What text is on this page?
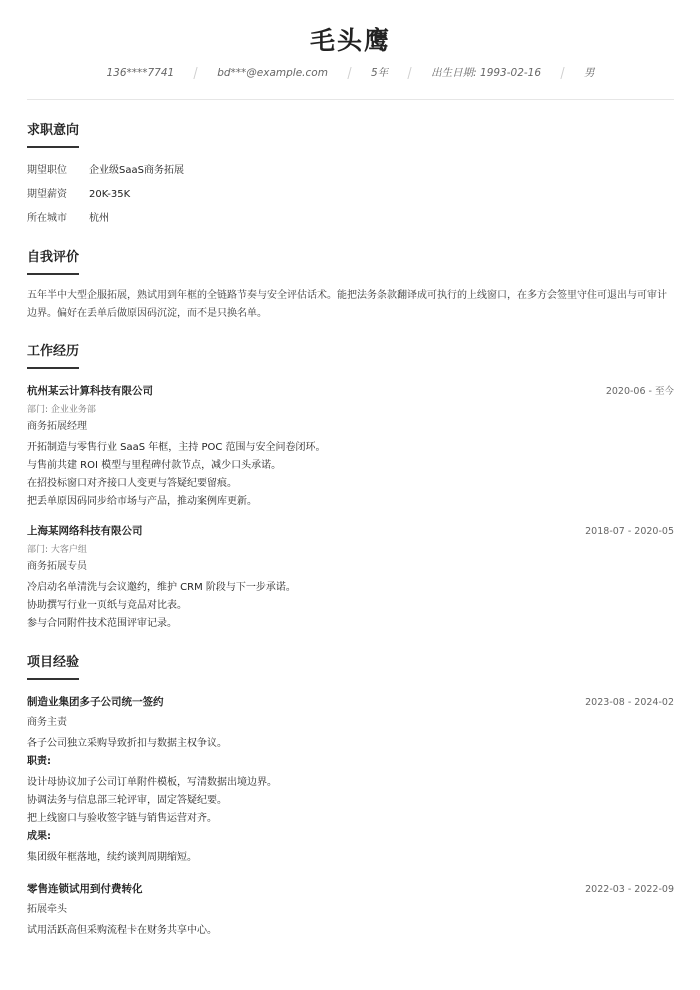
毛头鹰
136****7741	bd***@example.com	5年	出生日期: 1993-02-16	男
求职意向
期望职位	企业级SaaS商务拓展
期望薪资	20K-35K
所在城市	杭州
自我评价
五年半中大型企服拓展，熟试用到年框的全链路节奏与安全评估话术。能把法务条款翻译成可执行的上线窗口，在多方会签里守住可退出与可审计边界。偏好在丢单后做原因码沉淀，而不是只换名单。
工作经历
杭州某云计算科技有限公司	2020-06 - 至今
部门: 企业业务部
商务拓展经理
开拓制造与零售行业 SaaS 年框，主持 POC 范围与安全问卷闭环。
与售前共建 ROI 模型与里程碑付款节点，减少口头承诺。
在招投标窗口对齐接口人变更与答疑纪要留痕。
把丢单原因码同步给市场与产品，推动案例库更新。
上海某网络科技有限公司	2018-07 - 2020-05
部门: 大客户组
商务拓展专员
冷启动名单清洗与会议邀约，维护 CRM 阶段与下一步承诺。
协助撰写行业一页纸与竞品对比表。
参与合同附件技术范围评审记录。
项目经验
制造业集团多子公司统一签约	2023-08 - 2024-02
商务主责
各子公司独立采购导致折扣与数据主权争议。
职责:
设计母协议加子公司订单附件模板，写清数据出境边界。
协调法务与信息部三轮评审，固定答疑纪要。
把上线窗口与验收签字链与销售运营对齐。
成果:
集团级年框落地，续约谈判周期缩短。
零售连锁试用到付费转化	2022-03 - 2022-09
拓展牵头
试用活跃高但采购流程卡在财务共享中心。
